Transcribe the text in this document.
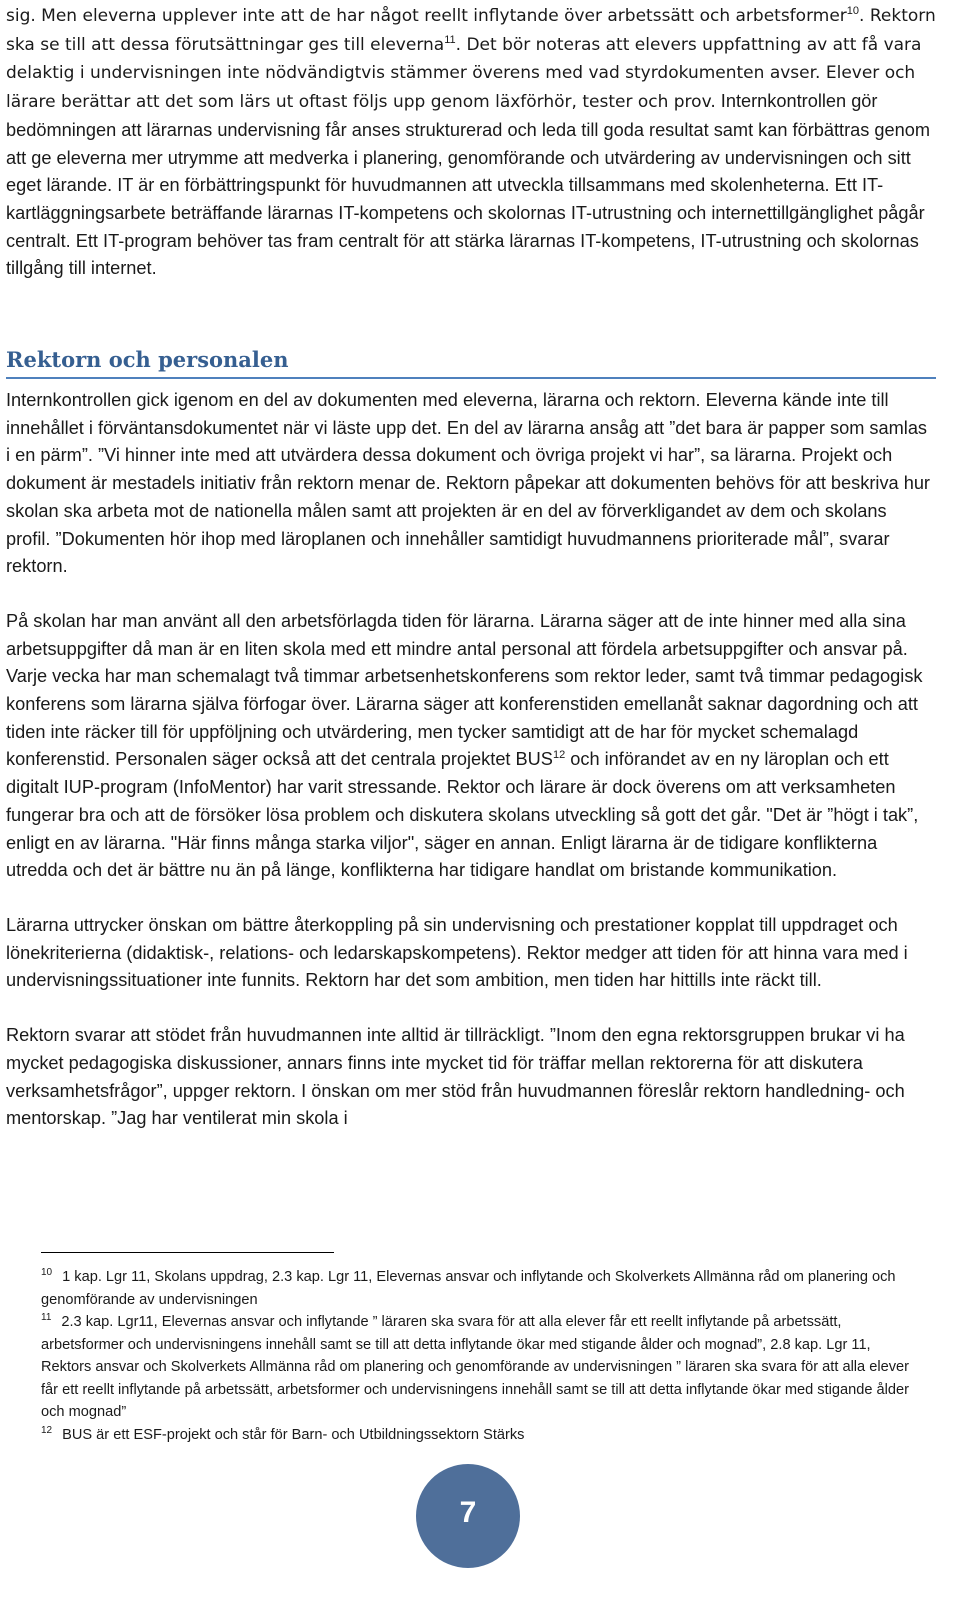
sig. Men eleverna upplever inte att de har något reellt inflytande över arbetssätt och arbetsformer$^{10}$. Rektorn ska se till att dessa förutsättningar ges till eleverna$^{11}$. Det bör noteras att elevers uppfattning av att få vara delaktig i undervisningen inte nödvändigtvis stämmer överens med vad styrdokumenten avser. Elever och lärare berättar att det som lärs ut oftast följs upp genom läxförhör, tester och prov. Internkontrollen gör bedömningen att lärarnas undervisning får anses strukturerad och leda till goda resultat samt kan förbättras genom att ge eleverna mer utrymme att medverka i planering, genomförande och utvärdering av undervisningen och sitt eget lärande. IT är en förbättringspunkt för huvudmannen att utveckla tillsammans med skolenheterna. Ett IT-kartläggningsarbete beträffande lärarnas IT-kompetens och skolornas IT-utrustning och internettillgänglighet pågår centralt. Ett IT-program behöver tas fram centralt för att stärka lärarnas IT-kompetens, IT-utrustning och skolornas tillgång till internet.

Rektorn och personalen

Internkontrollen gick igenom en del av dokumenten med eleverna, lärarna och rektorn. Eleverna kände inte till innehållet i förväntansdokumentet när vi läste upp det. En del av lärarna ansåg att ”det bara är papper som samlas i en pärm”. ”Vi hinner inte med att utvärdera dessa dokument och övriga projekt vi har”, sa lärarna. Projekt och dokument är mestadels initiativ från rektorn menar de. Rektorn påpekar att dokumenten behövs för att beskriva hur skolan ska arbeta mot de nationella målen samt att projekten är en del av förverkligandet av dem och skolans profil. ”Dokumenten hör ihop med läroplanen och innehåller samtidigt huvudmannens prioriterade mål”, svarar rektorn.

På skolan har man använt all den arbetsförlagda tiden för lärarna. Lärarna säger att de inte hinner med alla sina arbetsuppgifter då man är en liten skola med ett mindre antal personal att fördela arbetsuppgifter och ansvar på. Varje vecka har man schemalagt två timmar arbetsenhetskonferens som rektor leder, samt två timmar pedagogisk konferens som lärarna själva förfogar över. Lärarna säger att konferenstiden emellanåt saknar dagordning och att tiden inte räcker till för uppföljning och utvärdering, men tycker samtidigt att de har för mycket schemalagd konferenstid. Personalen säger också att det centrala projektet BUS$^{12}$ och införandet av en ny läroplan och ett digitalt IUP-program (InfoMentor) har varit stressande. Rektor och lärare är dock överens om att verksamheten fungerar bra och att de försöker lösa problem och diskutera skolans utveckling så gott det går. "Det är ”högt i tak”, enligt en av lärarna. "Här finns många starka viljor", säger en annan. Enligt lärarna är de tidigare konflikterna utredda och det är bättre nu än på länge, konflikterna har tidigare handlat om bristande kommunikation.

Lärarna uttrycker önskan om bättre återkoppling på sin undervisning och prestationer kopplat till uppdraget och lönekriterierna (didaktisk-, relations- och ledarskapskompetens). Rektor medger att tiden för att hinna vara med i undervisningssituationer inte funnits. Rektorn har det som ambition, men tiden har hittills inte räckt till.

Rektorn svarar att stödet från huvudmannen inte alltid är tillräckligt. ”Inom den egna rektorsgruppen brukar vi ha mycket pedagogiska diskussioner, annars finns inte mycket tid för träffar mellan rektorerna för att diskutera verksamhetsfrågor”, uppger rektorn. I önskan om mer stöd från huvudmannen föreslår rektorn handledning- och mentorskap. ”Jag har ventilerat min skola i

$^{10}$ 1 kap. Lgr 11, Skolans uppdrag, 2.3 kap. Lgr 11, Elevernas ansvar och inflytande och Skolverkets Allmänna råd om planering och genomförande av undervisningen

$^{11}$ 2.3 kap. Lgr11, Elevernas ansvar och inflytande ” läraren ska svara för att alla elever får ett reellt inflytande på arbetssätt, arbetsformer och undervisningens innehåll samt se till att detta inflytande ökar med stigande ålder och mognad”, 2.8 kap. Lgr 11, Rektors ansvar och Skolverkets Allmänna råd om planering och genomförande av undervisningen ” läraren ska svara för att alla elever får ett reellt inflytande på arbetssätt, arbetsformer och undervisningens innehåll samt se till att detta inflytande ökar med stigande ålder och mognad”

$^{12}$ BUS är ett ESF-projekt och står för Barn- och Utbildningssektorn Stärks

7
